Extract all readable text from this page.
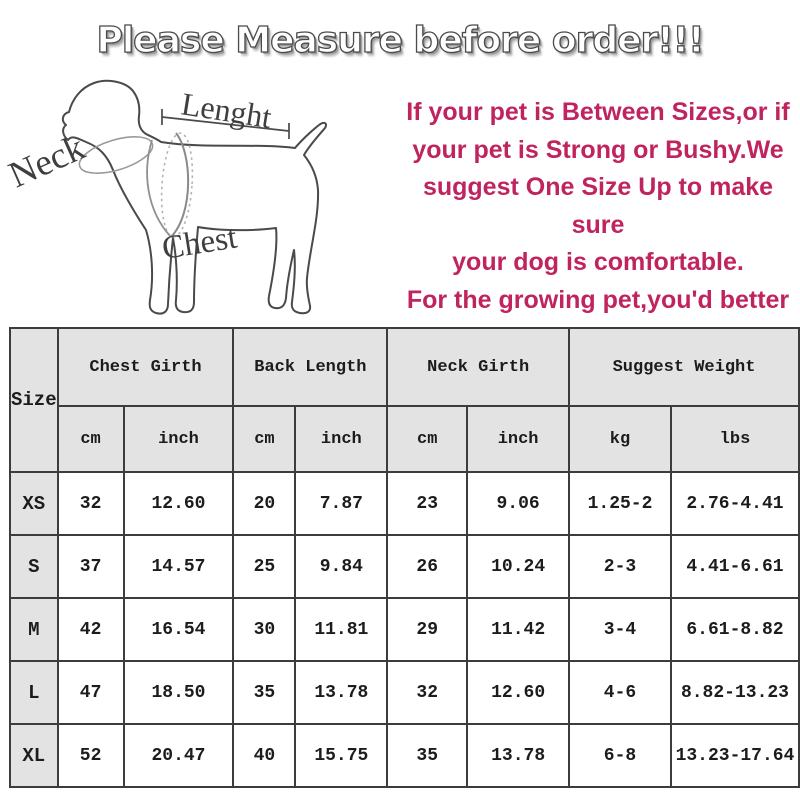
Please Measure before order!!!
Lenght
Neck
Chest

If your pet is Between Sizes,or if

your pet is Strong or Bushy.We

suggest One Size Up to make sure

your dog is comfortable.

For the growing pet,you'd better

Size	Chest Girth		Back Length		Neck Girth		Suggest Weight	
	cm	inch	cm	inch	cm	inch	kg	lbs
XS	32	12.60	20	7.87	23	9.06	1.25-2	2.76-4.41
S	37	14.57	25	9.84	26	10.24	2-3	4.41-6.61
M	42	16.54	30	11.81	29	11.42	3-4	6.61-8.82
L	47	18.50	35	13.78	32	12.60	4-6	8.82-13.23
XL	52	20.47	40	15.75	35	13.78	6-8	13.23-17.64
